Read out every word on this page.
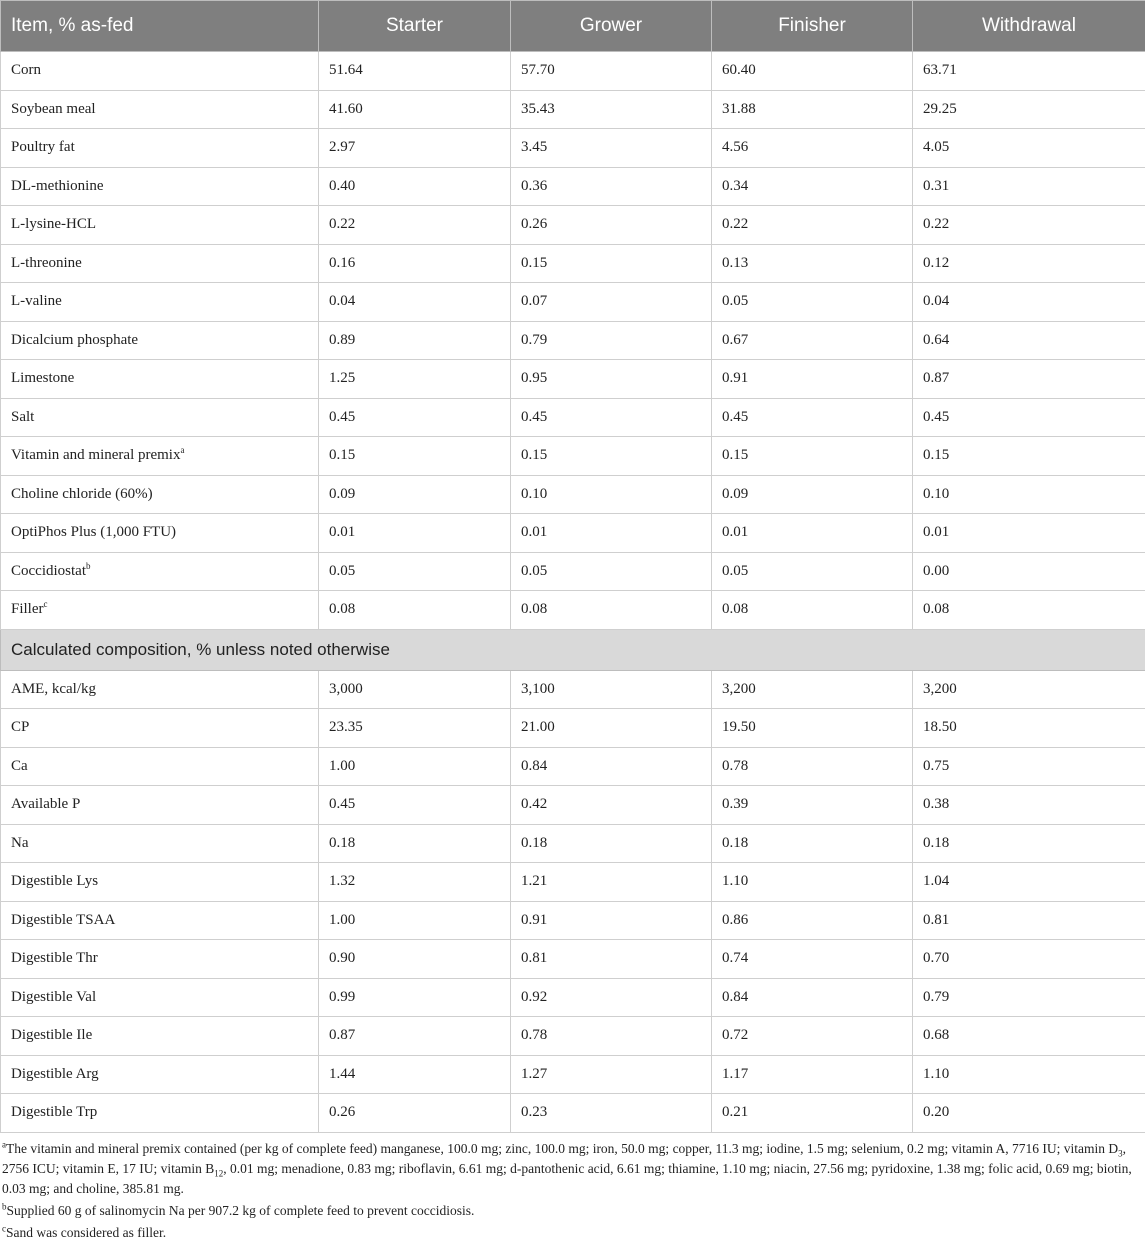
Item, % as-fed	Starter	Grower	Finisher	Withdrawal
Corn	51.64	57.70	60.40	63.71
Soybean meal	41.60	35.43	31.88	29.25
Poultry fat	2.97	3.45	4.56	4.05
DL-methionine	0.40	0.36	0.34	0.31
L-lysine-HCL	0.22	0.26	0.22	0.22
L-threonine	0.16	0.15	0.13	0.12
L-valine	0.04	0.07	0.05	0.04
Dicalcium phosphate	0.89	0.79	0.67	0.64
Limestone	1.25	0.95	0.91	0.87
Salt	0.45	0.45	0.45	0.45
Vitamin and mineral premix$^a$	0.15	0.15	0.15	0.15
Choline chloride (60%)	0.09	0.10	0.09	0.10
OptiPhos Plus (1,000 FTU)	0.01	0.01	0.01	0.01
Coccidiostat$^b$	0.05	0.05	0.05	0.00
Filler$^c$	0.08	0.08	0.08	0.08
Calculated composition, % unless noted otherwise				
AME, kcal/kg	3,000	3,100	3,200	3,200
CP	23.35	21.00	19.50	18.50
Ca	1.00	0.84	0.78	0.75
Available P	0.45	0.42	0.39	0.38
Na	0.18	0.18	0.18	0.18
Digestible Lys	1.32	1.21	1.10	1.04
Digestible TSAA	1.00	0.91	0.86	0.81
Digestible Thr	0.90	0.81	0.74	0.70
Digestible Val	0.99	0.92	0.84	0.79
Digestible Ile	0.87	0.78	0.72	0.68
Digestible Arg	1.44	1.27	1.17	1.10
Digestible Trp	0.26	0.23	0.21	0.20

$^a$The vitamin and mineral premix contained (per kg of complete feed) manganese, 100.0 mg; zinc, 100.0 mg; iron, 50.0 mg; copper, 11.3 mg; iodine, 1.5 mg; selenium, 0.2 mg; vitamin A, 7716 IU; vitamin $D_3$, 2756 ICU; vitamin E, 17 IU; vitamin $B_{12}$, 0.01 mg; menadione, 0.83 mg; riboflavin, 6.61 mg; d-pantothenic acid, 6.61 mg; thiamine, 1.10 mg; niacin, 27.56 mg; pyridoxine, 1.38 mg; folic acid, 0.69 mg; biotin, 0.03 mg; and choline, 385.81 mg.

$^b$Supplied 60 g of salinomycin Na per 907.2 kg of complete feed to prevent coccidiosis.

$^c$Sand was considered as filler.
